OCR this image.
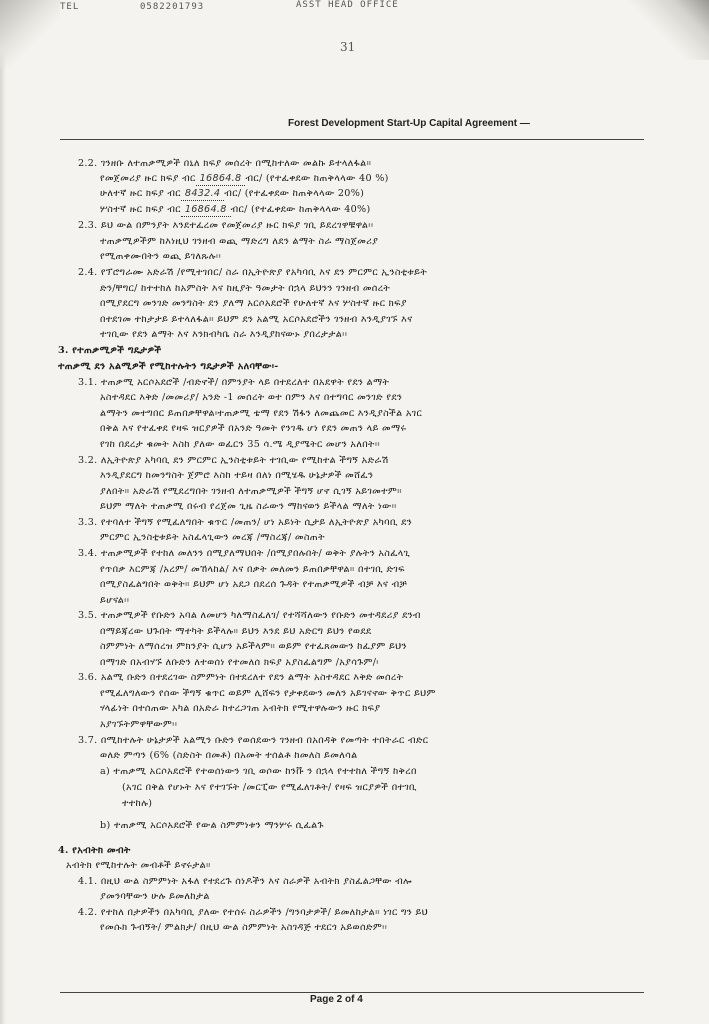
TEL	0582201793	ASST HEAD OFFICE
31
Forest Development Start-Up Capital Agreement —
2.2. ገንዘቡ ለተጠቃሚዎች በኒለ ክፍያ መሰረት በሚከተለው መልኩ ይተላለፋል።
የመጀመሪያ ዙር ክፍያ ብር 16864.8 ብር/ (የተፈቀደው ከጠቅላላው 40 %)
ሁለተኛ ዙር ክፍያ ብር 8432.4 ብር/ (የተፈቀደው ከጠቅላላው 20%)
ሦስተኛ ዙር ክፍያ ብር 16864.8 ብር/ (የተፈቀደው ከጠቅላላው 40%)
2.3. ይህ ውል በምንያት እንደተፈረመ የመጀመሪያ ዙር ክፍያ ገቢ ይደረገዋቹዋል፡፡
ተጠቃሚዎችም ከእነዚህ ገንዘብ ወጪ ማድረግ ለደን ልማት ስራ ማስጀመሪያ
የሚጠቀሙበትን ወጪ ይገለጹሉ፡፡
2.4. የፕሮግራሙ አድራሽ /የሚተገበር/ ስራ በኢትዮጵያ የአካባቢ እና ደን ምርምር ኢንስቲቱይት
ድን/ቸግር/ ከተተከለ ከአምስት እና ከዚያት ዓመታት በኋላ ይህንን ገንዘብ መሰረት
በሚያደርግ መንገድ መንግስት ደን ያለማ አርሶአደሮች የሁለተኛ እና ሦስተኛ ዙር ክፍያ
በተደገመ ተከታታይ ይተላለፋል። ይህም ደን አልሚ አርሶአደሮችን ገንዘብ እንዲያገኙ እና
ተገቢው የደን ልማት እና እንክብካቤ ስራ እንዲያከናውኑ ያበረታታል፡፡
3. የተጠቃሚዎች ግዴታዎች
ተጠቃሚ ደን አልሚዎች የሚከተሉትን ግዴታዎች አለባቸው፡-
3.1. ተጠቃሚ አርሶአደሮች /ብድኖች/ በምንያት ላይ በተደረለተ በአደዋት የደን ልማት
አስተዳደር እቅድ /መመሪያ/ አንድ -1 መሰረት ወተ በምን እና በተግባር መንገድ የደን
ልማትን መተግበር ይጠበቃቸዋል፡ተጠቃሚ ቴማ የደን ሽፋን ለመጨመር እንዲያስችል አገር
በቅል እና የተፈቀደ የዛፍ ዝርያዎች በአንድ ዓመት የንገዱ ሆነ የደን መጠን ላይ መማሩ
የገከ በደረታ ቁመት እስከ ያለው ወፈርን 35 ሳ.ሜ ዲያሜትር መሆን አለበት፡፡
3.2. ለኢትዮጵያ አካባቢ ደን ምርምር ኢንስቲቱይት ተገቢው የሚከተል ችግኝ አድራሽ
እንዲያደርግ ከመንግስት ጀምሮ እስከ ተይዛ በለነ በሚሄዱ ሁኔታዎች መሸፈን
ያለበት። አድራሽ የሚደረግበት ገንዘብ ለተጠቃሚዎች ችግኝ ሆኖ ሲገኝ አይገመተም።
ይህም ማለት ተጠቃሚ በሩብ የረጀመ ጊዜ ስራውን ማከናወን ይችላል ማለት ነው፡፡
3.3. የተባለተ ችግኝ የሚፈለግበት ቁጥር /መጠን/ ሆነ አይነት ሲታይ ለኢትዮጵያ አካባቢ ደን
ምርምር ኢንስቲቱይት አስፈላጊውን መረጃ /ማስረጃ/ መስጠት
3.4. ተጠቃሚዎች የተከለ መለንን በሚያለማህበት /በሚያበሉበት/ ወቅት ያሉትን አስፈላጊ
የጥበቃ እርምጃ /አረም/ መኸላከል/ እና በቃት መለመን ይጠበቃቸዋል። በተገቢ ድገፍ
በሚያስፈልግበት ወቅት። ይህም ሆነ አደጋ በደረሰ ጉዳት የተጠቃሚዎች ብቻ እና ብቻ
ይሆናል፡፡
3.5. ተጠቃሚዎች የቡድን አባል ለመሆን ካለማስፈለገ/ የተሻሻለውን የቡድን መተዳደሪያ ደንብ
በማይጃረው ህጉበት ማተካት ይችላሉ። ይህን እንደ ይህ አድርግ ይህን የወደደ
ስምምነት ለማሰረዝ ምክንያት ሲሆን አይችላም። ወይም የተፈጸመውን ከፈያም ይህን
በማገድ በአብሃኙ ለቡድን ለተወሰነ የተመለሰ ክፍያ አያስፈልግም /አያሳጉም/፡
3.6. አልሚ ቡድን በተደረገው ስምምነት በተደረለተ የደን ልማት አስተዳደር እቅድ መሰረት
የሚፈለግለውን የሰው ችግኝ ቁጥር ወይም ሊሸፍን የታቀደውን መለን አይገናኖው ቅጥር ይህም
ሃላፊነት በተሰጠው አካል በአድራ ከተረጋገጠ አብትክ የሚተዋሉውን ዙር ክፍያ
አያገኙትምዋቸውም፡፡
3.7. በሚከተሉት ሁኔታዎች አልሚን ቡድን የወሰደውን ገንዘብ በአበዳቅ የመጣት ተበትራር ብድር
ወለድ ምጣን (6% (ስድስት በመቶ) በአመት ተሰልቶ ከመለስ ይመለሳል
a) ተጠቃሚ አርሶአደሮች የተወሰነውን ገቢ ወሶው ከንቩ ን በኋላ የተተከለ ችግኝ ከቅረበ
(አገር በቅል የሆኑት እና የተገኙት /መርፒው የሚፈለገቶት/ የዛፍ ዝርያዎች በተገቢ
ተተከሉ)
b) ተጠቃሚ አርሶአደሮች የውል ስምምነቱን ማንሦሩ ሲፈልጉ
4. የአብትክ መብት
አብትክ የሚከተሉት መብቶች ይኖሩታል።
4.1. በዚህ ውል ስምምነት አፋለ የተደረጉ ሰነዶችን እና ስራዎች አብትክ ያስፈልጋቸው ብሎ
ያመንባቸውን ሁሉ ይመለከታል
4.2. የተከለ በታዎችን በአካባቢ ያለው የተሰሩ ስራዎችን /ግንባታዎች/ ይመለከታል። ነገር ግን ይህ
የመሱክ ጉብኝት/ ምልክታ/ በዚህ ውል ስምምነት አስገዳጅ ተደርጎ አይወሰድም፡፡
Page 2 of 4
